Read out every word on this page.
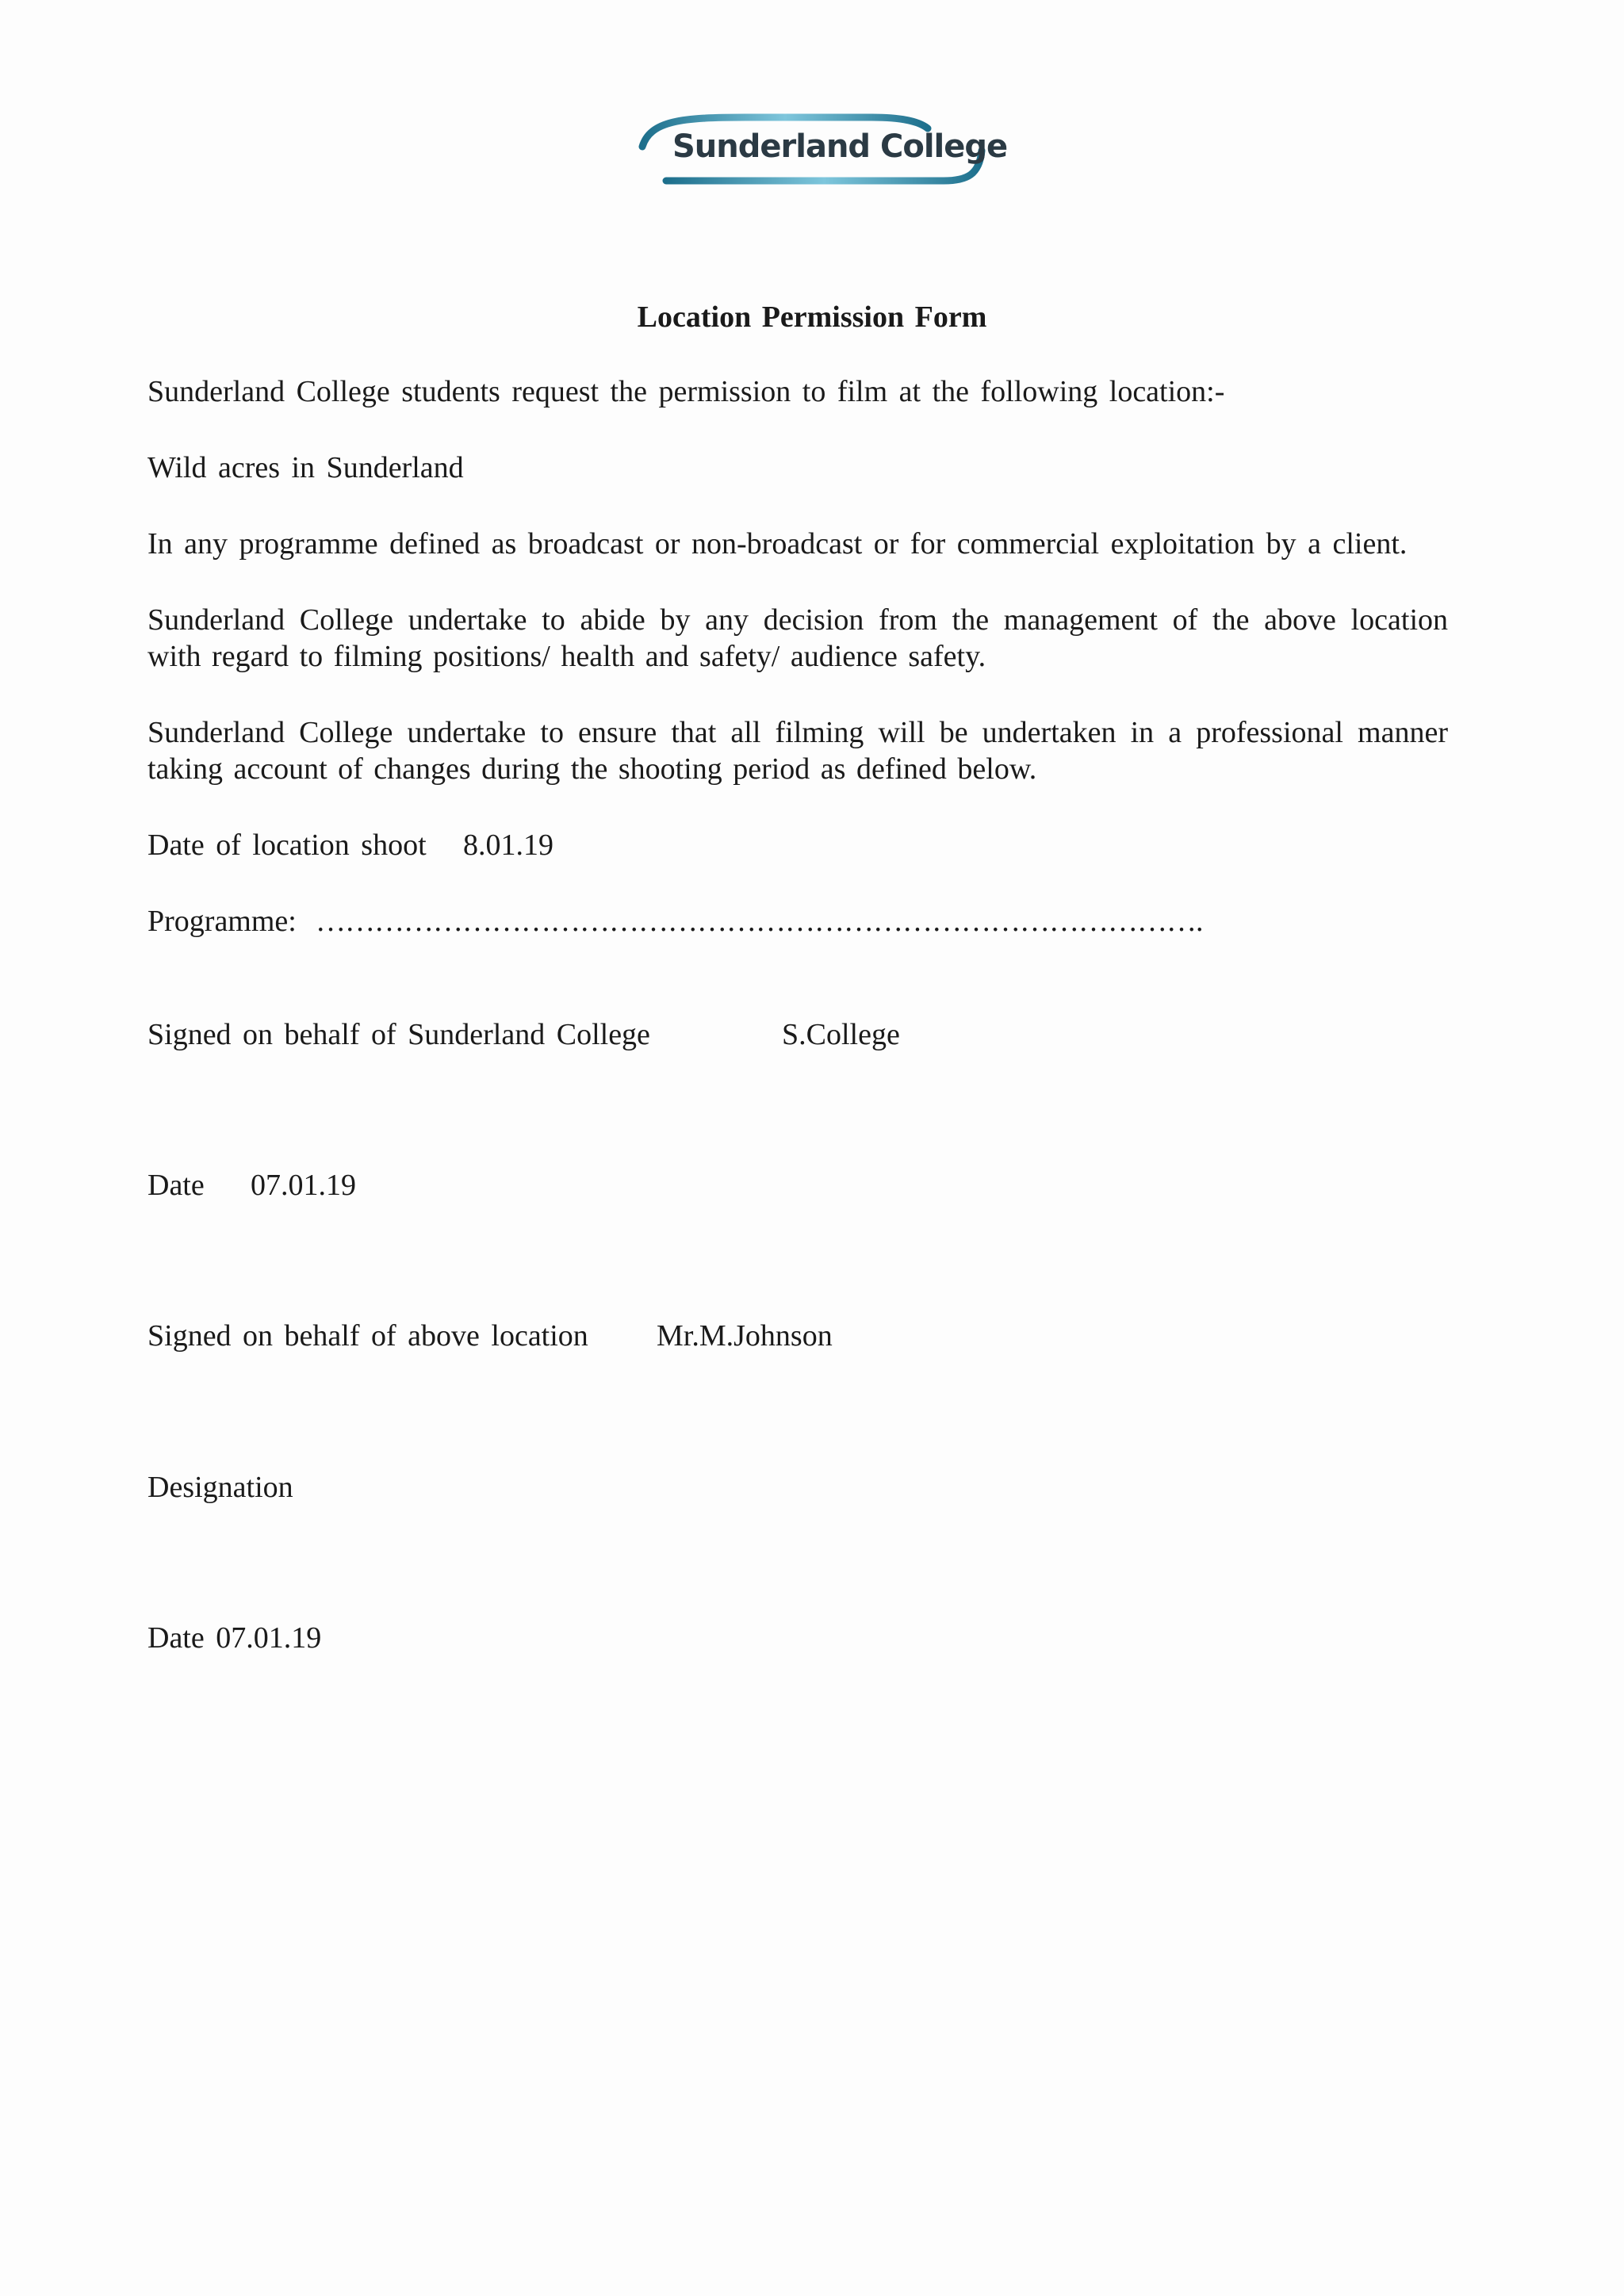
Sunderland College
Location Permission Form
Sunderland College students request the permission to film at the following location:-
Wild acres in Sunderland
In any programme defined as broadcast or non-broadcast or for commercial exploitation by a client.
Sunderland College undertake to abide by any decision from the management of the above location with regard to filming positions/ health and safety/ audience safety.
Sunderland College undertake to ensure that all filming will be undertaken in a professional manner taking account of changes during the shooting period as defined below.
Date of location shoot 8.01.19
Programme: ……………………………………………………………………………….
Signed on behalf of Sunderland College	S.College
Date 07.01.19
Signed on behalf of above location Mr.M.Johnson
Designation
Date 07.01.19
